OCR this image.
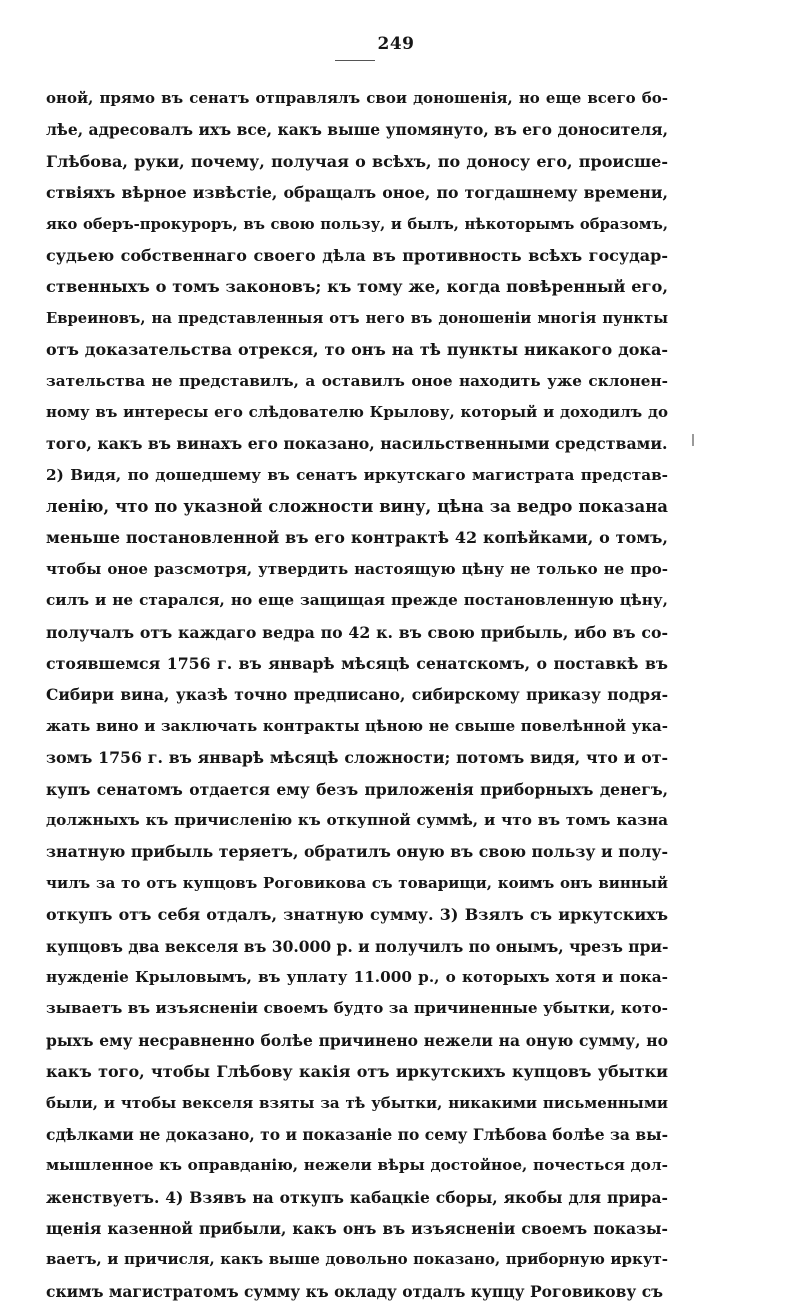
249
оной, прямо въ сенатъ отправлялъ свои доношенія, но еще всего бо-
лѣе, адресовалъ ихъ все, какъ выше упомянуто, въ его доносителя,
Глѣбова, руки, почему, получая о всѣхъ, по доносу его, происше-
ствіяхъ вѣрное извѣстіе, обращалъ оное, по тогдашнему времени,
яко оберъ-прокуроръ, въ свою пользу, и былъ, нѣкоторымъ образомъ,
судьею собственнаго своего дѣла въ противность всѣхъ государ-
ственныхъ о томъ законовъ; къ тому же, когда повѣренный его,
Евреиновъ, на представленныя отъ него въ доношеніи многія пункты
отъ доказательства отрекся, то онъ на тѣ пункты никакого дока-
зательства не представилъ, а оставилъ оное находить уже склонен-
ному въ интересы его слѣдователю Крылову, который и доходилъ до
того, какъ въ винахъ его показано, насильственными средствами.
2) Видя, по дошедшему въ сенатъ иркутскаго магистрата представ-
ленію, что по указной сложности вину, цѣна за ведро показана
меньше постановленной въ его контрактѣ 42 копѣйками, о томъ,
чтобы оное разсмотря, утвердить настоящую цѣну не только не про-
силъ и не старался, но еще защищая прежде постановленную цѣну,
получалъ отъ каждаго ведра по 42 к. въ свою прибыль, ибо въ со-
стоявшемся 1756 г. въ январѣ мѣсяцѣ сенатскомъ, о поставкѣ въ
Сибири вина, указѣ точно предписано, сибирскому приказу подря-
жать вино и заключать контракты цѣною не свыше повелѣнной ука-
зомъ 1756 г. въ январѣ мѣсяцѣ сложности; потомъ видя, что и от-
купъ сенатомъ отдается ему безъ приложенія приборныхъ денегъ,
должныхъ къ причисленію къ откупной суммѣ, и что въ томъ казна
знатную прибыль теряетъ, обратилъ оную въ свою пользу и полу-
чилъ за то отъ купцовъ Роговикова съ товарищи, коимъ онъ винный
откупъ отъ себя отдалъ, знатную сумму. 3) Взялъ съ иркутскихъ
купцовъ два векселя въ 30.000 р. и получилъ по онымъ, чрезъ при-
нужденіе Крыловымъ, въ уплату 11.000 р., о которыхъ хотя и пока-
зываетъ въ изъясненіи своемъ будто за причиненные убытки, кото-
рыхъ ему несравненно болѣе причинено нежели на оную сумму, но
какъ того, чтобы Глѣбову какія отъ иркутскихъ купцовъ убытки
были, и чтобы векселя взяты за тѣ убытки, никакими письменными
сдѣлками не доказано, то и показаніе по сему Глѣбова болѣе за вы-
мышленное къ оправданію, нежели вѣры достойное, почесться дол-
женствуетъ. 4) Взявъ на откупъ кабацкіе сборы, якобы для прира-
щенія казенной прибыли, какъ онъ въ изъясненіи своемъ показы-
ваетъ, и причисля, какъ выше довольно показано, приборную иркут-
скимъ магистратомъ сумму къ окладу отдалъ купцу Роговикову съ
